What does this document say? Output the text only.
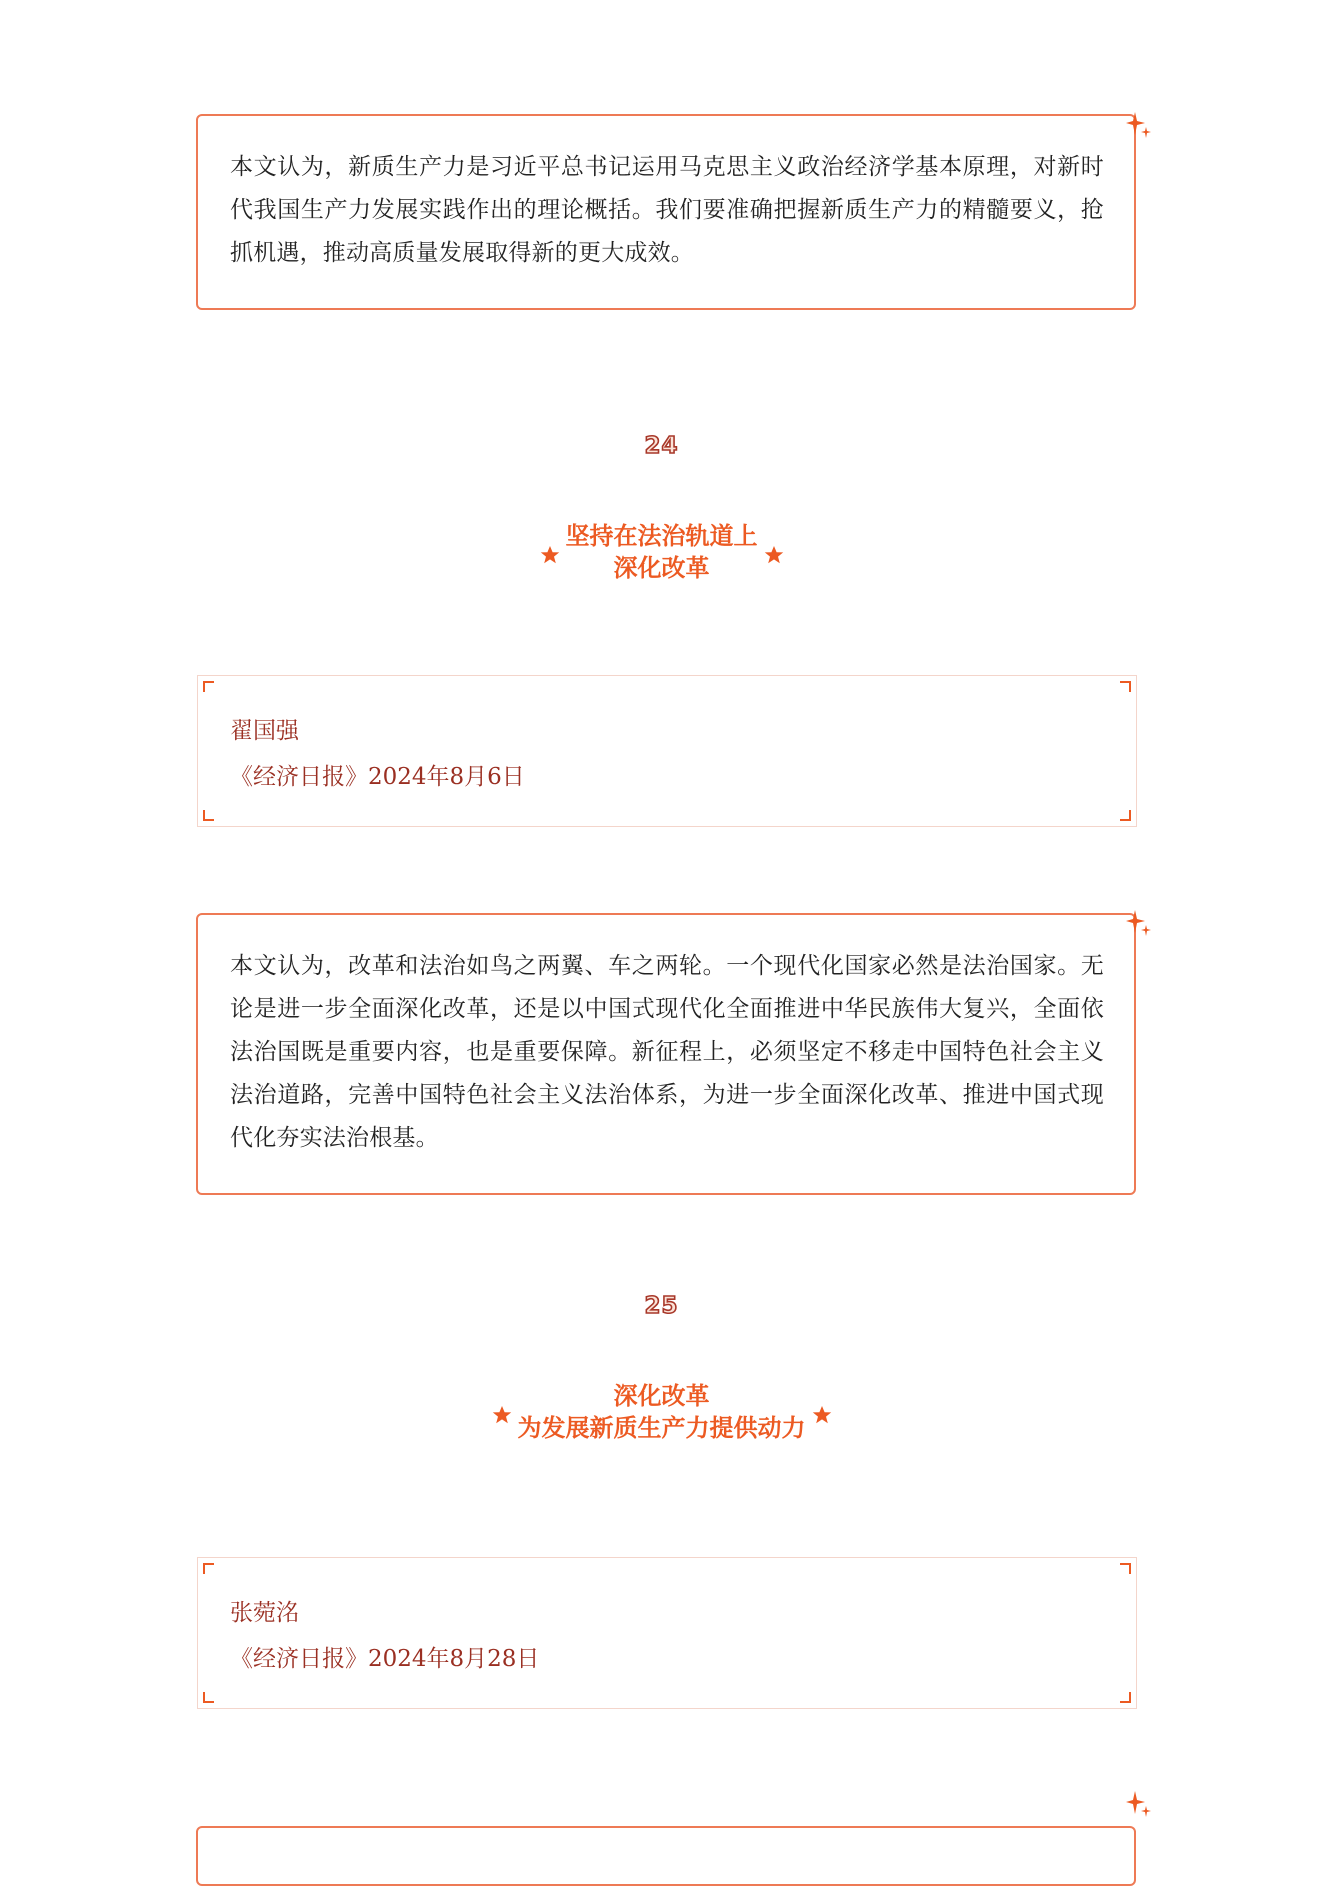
本文认为，新质生产力是习近平总书记运用马克思主义政治经济学基本原理，对新时代我国生产力发展实践作出的理论概括。我们要准确把握新质生产力的精髓要义，抢抓机遇，推动高质量发展取得新的更大成效。

24
坚持在法治轨道上
深化改革
翟国强
《经济日报》2024年8月6日

本文认为，改革和法治如鸟之两翼、车之两轮。一个现代化国家必然是法治国家。无论是进一步全面深化改革，还是以中国式现代化全面推进中华民族伟大复兴，全面依法治国既是重要内容，也是重要保障。新征程上，必须坚定不移走中国特色社会主义法治道路，完善中国特色社会主义法治体系，为进一步全面深化改革、推进中国式现代化夯实法治根基。

25
深化改革
为发展新质生产力提供动力
张菀洺
《经济日报》2024年8月28日
